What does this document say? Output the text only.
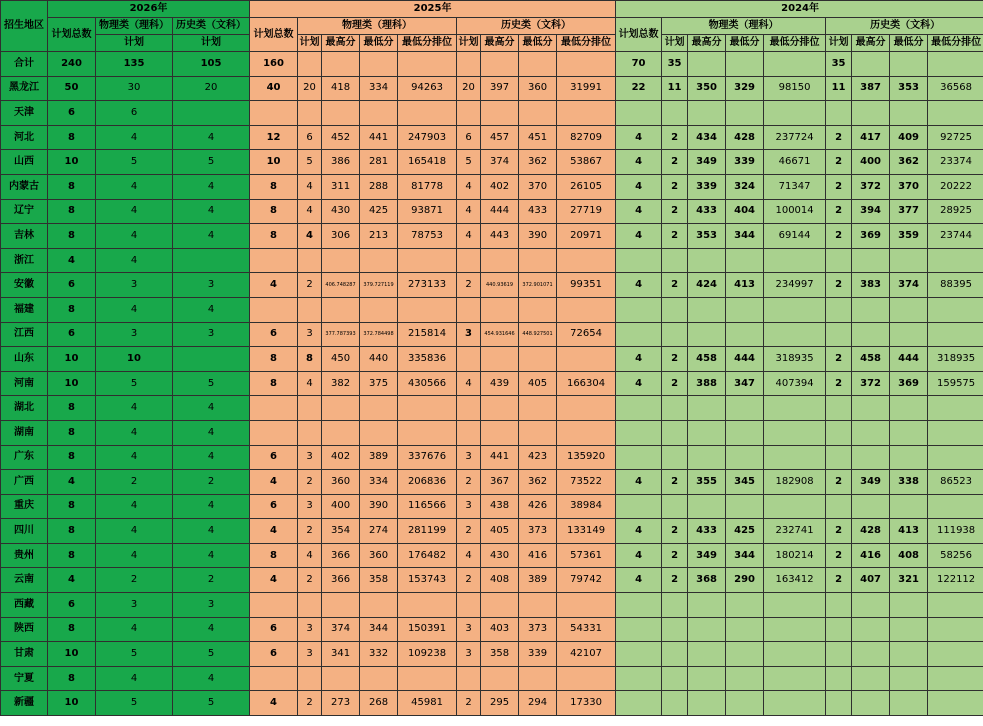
招生地区	2026年			2025年									2024年								
	计划总数	物理类（理科）	历史类（文科）	计划总数	物理类（理科）				历史类（文科）				计划总数	物理类（理科）				历史类（文科）			
		计划	计划		计划	最高分	最低分	最低分排位	计划	最高分	最低分	最低分排位		计划	最高分	最低分	最低分排位	计划	最高分	最低分	最低分排位
合计	240	135	105	160									70	35				35			
黑龙江	50	30	20	40	20	418	334	94263	20	397	360	31991	22	11	350	329	98150	11	387	353	36568
天津	6	6																			
河北	8	4	4	12	6	452	441	247903	6	457	451	82709	4	2	434	428	237724	2	417	409	92725
山西	10	5	5	10	5	386	281	165418	5	374	362	53867	4	2	349	339	46671	2	400	362	23374
内蒙古	8	4	4	8	4	311	288	81778	4	402	370	26105	4	2	339	324	71347	2	372	370	20222
辽宁	8	4	4	8	4	430	425	93871	4	444	433	27719	4	2	433	404	100014	2	394	377	28925
吉林	8	4	4	8	4	306	213	78753	4	443	390	20971	4	2	353	344	69144	2	369	359	23744
浙江	4	4																			
安徽	6	3	3	4	2	406.748287	379.727119	273133	2	440.93619	372.901071	99351	4	2	424	413	234997	2	383	374	88395
福建	8	4	4																		
江西	6	3	3	6	3	377.787393	372.784498	215814	3	454.931646	448.927501	72654									
山东	10	10		8	8	450	440	335836					4	2	458	444	318935	2	458	444	318935
河南	10	5	5	8	4	382	375	430566	4	439	405	166304	4	2	388	347	407394	2	372	369	159575
湖北	8	4	4																		
湖南	8	4	4																		
广东	8	4	4	6	3	402	389	337676	3	441	423	135920									
广西	4	2	2	4	2	360	334	206836	2	367	362	73522	4	2	355	345	182908	2	349	338	86523
重庆	8	4	4	6	3	400	390	116566	3	438	426	38984									
四川	8	4	4	4	2	354	274	281199	2	405	373	133149	4	2	433	425	232741	2	428	413	111938
贵州	8	4	4	8	4	366	360	176482	4	430	416	57361	4	2	349	344	180214	2	416	408	58256
云南	4	2	2	4	2	366	358	153743	2	408	389	79742	4	2	368	290	163412	2	407	321	122112
西藏	6	3	3																		
陕西	8	4	4	6	3	374	344	150391	3	403	373	54331									
甘肃	10	5	5	6	3	341	332	109238	3	358	339	42107									
宁夏	8	4	4																		
新疆	10	5	5	4	2	273	268	45981	2	295	294	17330									
